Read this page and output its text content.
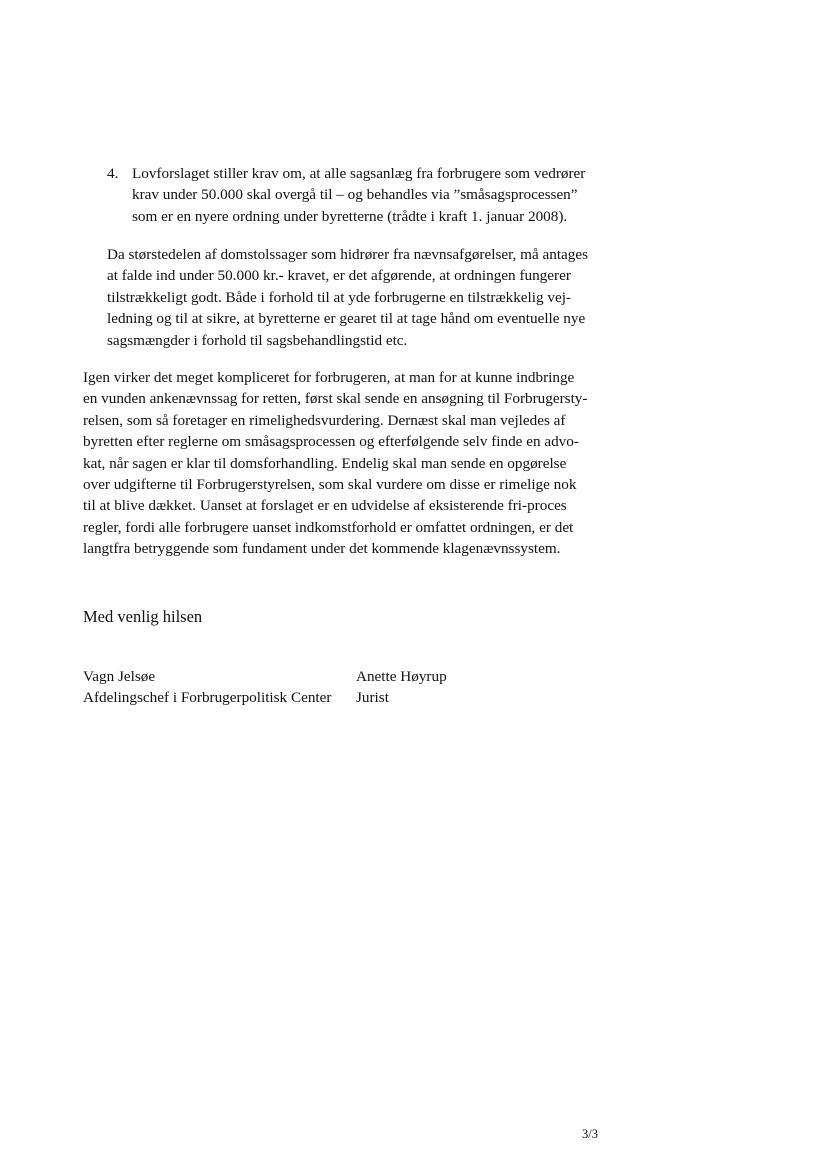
4. Lovforslaget stiller krav om, at alle sagsanlæg fra forbrugere som vedrører
krav under 50.000 skal overgå til – og behandles via ”småsagsprocessen”
som er en nyere ordning under byretterne (trådte i kraft 1. januar 2008).
Da størstedelen af domstolssager som hidrører fra nævnsafgørelser, må antages
at falde ind under 50.000 kr.- kravet, er det afgørende, at ordningen fungerer
tilstrækkeligt godt. Både i forhold til at yde forbrugerne en tilstrækkelig vej-
ledning og til at sikre, at byretterne er gearet til at tage hånd om eventuelle nye
sagsmængder i forhold til sagsbehandlingstid etc.
Igen virker det meget kompliceret for forbrugeren, at man for at kunne indbringe
en vunden ankenævnssag for retten, først skal sende en ansøgning til Forbrugersty-
relsen, som så foretager en rimelighedsvurdering. Dernæst skal man vejledes af
byretten efter reglerne om småsagsprocessen og efterfølgende selv finde en advo-
kat, når sagen er klar til domsforhandling. Endelig skal man sende en opgørelse
over udgifterne til Forbrugerstyrelsen, som skal vurdere om disse er rimelige nok
til at blive dækket. Uanset at forslaget er en udvidelse af eksisterende fri-proces
regler, fordi alle forbrugere uanset indkomstforhold er omfattet ordningen, er det
langtfra betryggende som fundament under det kommende klagenævnssystem.
Med venlig hilsen
Vagn Jelsøe
Afdelingschef i Forbrugerpolitisk Center
Anette Høyrup
Jurist
3/3
